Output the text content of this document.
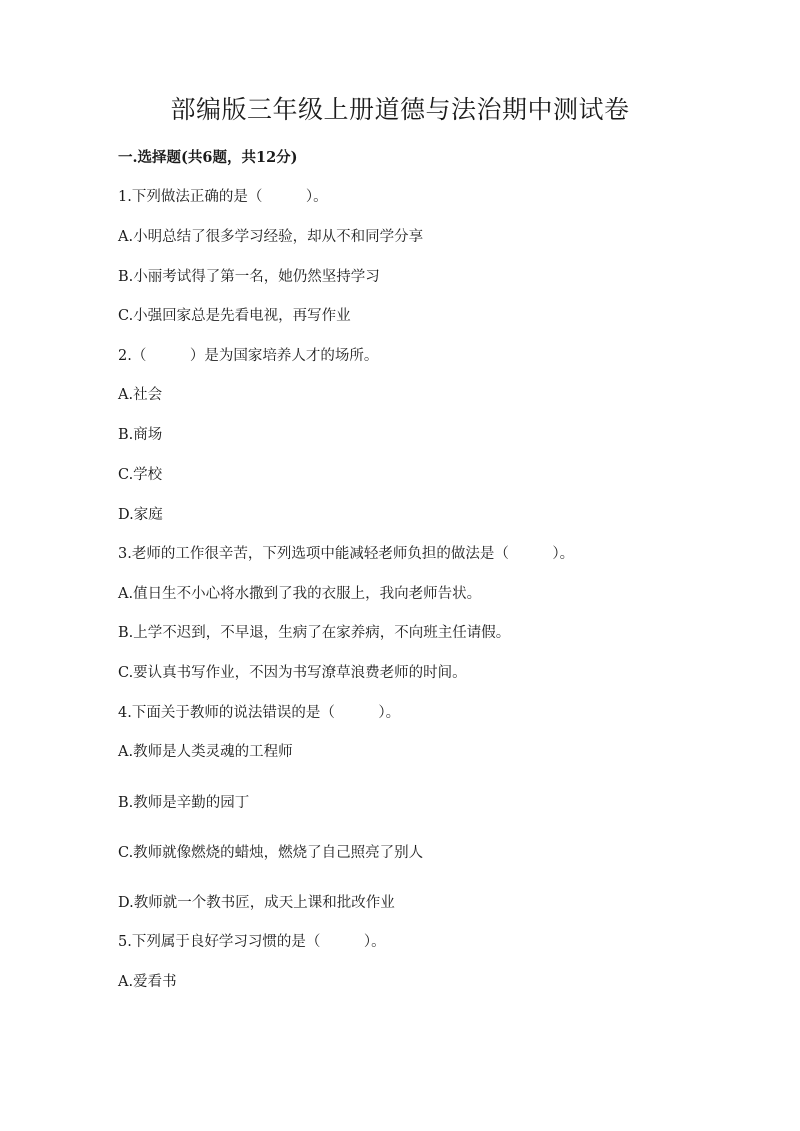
部编版三年级上册道德与法治期中测试卷
一.选择题(共6题，共12分)
1.下列做法正确的是（　　　）。
A.小明总结了很多学习经验，却从不和同学分享
B.小丽考试得了第一名，她仍然坚持学习
C.小强回家总是先看电视，再写作业
2.（　　　）是为国家培养人才的场所。
A.社会
B.商场
C.学校
D.家庭
3.老师的工作很辛苦，下列选项中能减轻老师负担的做法是（　　　）。
A.值日生不小心将水撒到了我的衣服上，我向老师告状。
B.上学不迟到，不早退，生病了在家养病，不向班主任请假。
C.要认真书写作业，不因为书写潦草浪费老师的时间。
4.下面关于教师的说法错误的是（　　　）。
A.教师是人类灵魂的工程师
B.教师是辛勤的园丁
C.教师就像燃烧的蜡烛，燃烧了自己照亮了别人
D.教师就一个教书匠，成天上课和批改作业
5.下列属于良好学习习惯的是（　　　）。
A.爱看书
